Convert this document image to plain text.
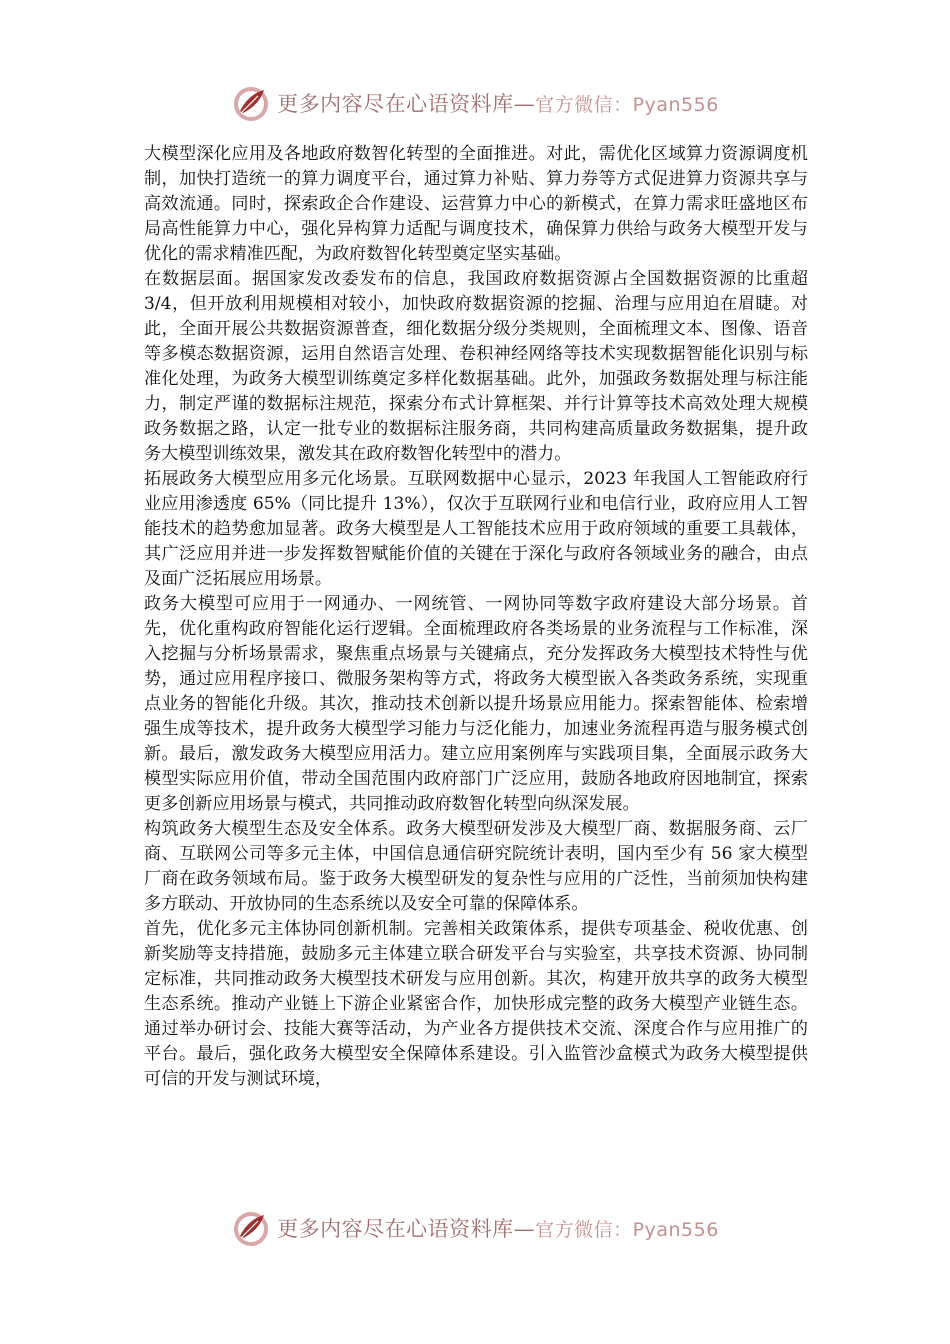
更多内容尽在心语资料库—官方微信：Pyan556

大模型深化应用及各地政府数智化转型的全面推进。对此，需优化区域算力资源调度机制，加快打造统一的算力调度平台，通过算力补贴、算力券等方式促进算力资源共享与高效流通。同时，探索政企合作建设、运营算力中心的新模式，在算力需求旺盛地区布局高性能算力中心，强化异构算力适配与调度技术，确保算力供给与政务大模型开发与优化的需求精准匹配，为政府数智化转型奠定坚实基础。

在数据层面。据国家发改委发布的信息，我国政府数据资源占全国数据资源的比重超 3/4，但开放利用规模相对较小，加快政府数据资源的挖掘、治理与应用迫在眉睫。对此，全面开展公共数据资源普查，细化数据分级分类规则，全面梳理文本、图像、语音等多模态数据资源，运用自然语言处理、卷积神经网络等技术实现数据智能化识别与标准化处理，为政务大模型训练奠定多样化数据基础。此外，加强政务数据处理与标注能力，制定严谨的数据标注规范，探索分布式计算框架、并行计算等技术高效处理大规模政务数据之路，认定一批专业的数据标注服务商，共同构建高质量政务数据集，提升政务大模型训练效果，激发其在政府数智化转型中的潜力。

拓展政务大模型应用多元化场景。互联网数据中心显示，2023 年我国人工智能政府行业应用渗透度 65%（同比提升 13%），仅次于互联网行业和电信行业，政府应用人工智能技术的趋势愈加显著。政务大模型是人工智能技术应用于政府领域的重要工具载体，其广泛应用并进一步发挥数智赋能价值的关键在于深化与政府各领域业务的融合，由点及面广泛拓展应用场景。

政务大模型可应用于一网通办、一网统管、一网协同等数字政府建设大部分场景。首先，优化重构政府智能化运行逻辑。全面梳理政府各类场景的业务流程与工作标准，深入挖掘与分析场景需求，聚焦重点场景与关键痛点，充分发挥政务大模型技术特性与优势，通过应用程序接口、微服务架构等方式，将政务大模型嵌入各类政务系统，实现重点业务的智能化升级。其次，推动技术创新以提升场景应用能力。探索智能体、检索增强生成等技术，提升政务大模型学习能力与泛化能力，加速业务流程再造与服务模式创新。最后，激发政务大模型应用活力。建立应用案例库与实践项目集，全面展示政务大模型实际应用价值，带动全国范围内政府部门广泛应用，鼓励各地政府因地制宜，探索更多创新应用场景与模式，共同推动政府数智化转型向纵深发展。

构筑政务大模型生态及安全体系。政务大模型研发涉及大模型厂商、数据服务商、云厂商、互联网公司等多元主体，中国信息通信研究院统计表明，国内至少有 56 家大模型厂商在政务领域布局。鉴于政务大模型研发的复杂性与应用的广泛性，当前须加快构建多方联动、开放协同的生态系统以及安全可靠的保障体系。

首先，优化多元主体协同创新机制。完善相关政策体系，提供专项基金、税收优惠、创新奖励等支持措施，鼓励多元主体建立联合研发平台与实验室，共享技术资源、协同制定标准，共同推动政务大模型技术研发与应用创新。其次，构建开放共享的政务大模型生态系统。推动产业链上下游企业紧密合作，加快形成完整的政务大模型产业链生态。通过举办研讨会、技能大赛等活动，为产业各方提供技术交流、深度合作与应用推广的平台。最后，强化政务大模型安全保障体系建设。引入监管沙盒模式为政务大模型提供可信的开发与测试环境，

更多内容尽在心语资料库—官方微信：Pyan556
